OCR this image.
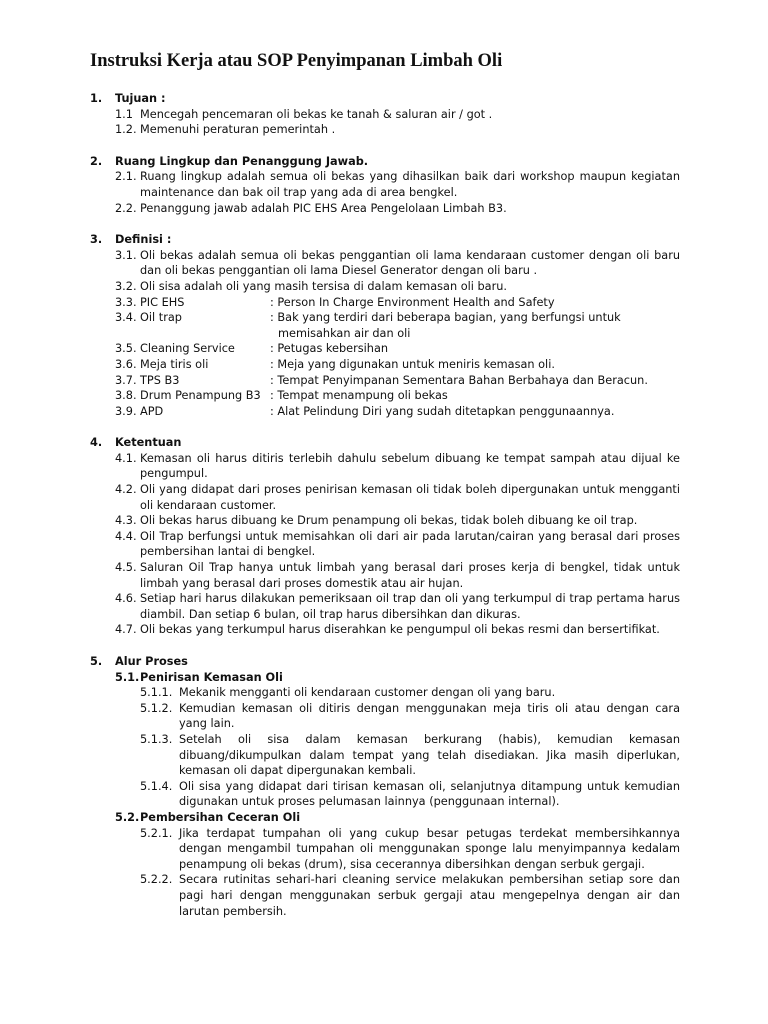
Instruksi Kerja atau SOP Penyimpanan Limbah Oli
1.	Tujuan :
1.1 Mencegah pencemaran oli bekas ke tanah & saluran air / got .
1.2. Memenuhi peraturan pemerintah .
2.	Ruang Lingkup dan Penanggung Jawab.
2.1. Ruang lingkup adalah semua oli bekas yang dihasilkan baik dari workshop maupun kegiatan maintenance dan bak oil trap yang ada di area bengkel.
2.2. Penanggung jawab adalah PIC EHS Area Pengelolaan Limbah B3.
3.	Definisi :
3.1. Oli bekas adalah semua oli bekas penggantian oli lama kendaraan customer dengan oli baru dan oli bekas penggantian oli lama Diesel Generator dengan oli baru .
3.2. Oli sisa adalah oli yang masih tersisa di dalam kemasan oli baru.
3.3. PIC EHS	: Person In Charge Environment Health and Safety
3.4. Oil trap	: Bak yang terdiri dari beberapa bagian, yang berfungsi untuk
memisahkan air dan oli
3.5. Cleaning Service	: Petugas kebersihan
3.6. Meja tiris oli	: Meja yang digunakan untuk meniris kemasan oli.
3.7. TPS B3	: Tempat Penyimpanan Sementara Bahan Berbahaya dan Beracun.
3.8. Drum Penampung B3 : Tempat menampung oli bekas
3.9. APD	: Alat Pelindung Diri yang sudah ditetapkan penggunaannya.
4.	Ketentuan
4.1. Kemasan oli harus ditiris terlebih dahulu sebelum dibuang ke tempat sampah atau dijual ke pengumpul.
4.2. Oli yang didapat dari proses penirisan kemasan oli tidak boleh dipergunakan untuk mengganti oli kendaraan customer.
4.3. Oli bekas harus dibuang ke Drum penampung oli bekas, tidak boleh dibuang ke oil trap.
4.4. Oil Trap berfungsi untuk memisahkan oli dari air pada larutan/cairan yang berasal dari proses pembersihan lantai di bengkel.
4.5. Saluran Oil Trap hanya untuk limbah yang berasal dari proses kerja di bengkel, tidak untuk limbah yang berasal dari proses domestik atau air hujan.
4.6. Setiap hari harus dilakukan pemeriksaan oil trap dan oli yang terkumpul di trap pertama harus diambil. Dan setiap 6 bulan, oil trap harus dibersihkan dan dikuras.
4.7. Oli bekas yang terkumpul harus diserahkan ke pengumpul oli bekas resmi dan bersertifikat.
5.	Alur Proses
5.1. Penirisan Kemasan Oli
5.1.1. Mekanik mengganti oli kendaraan customer dengan oli yang baru.
5.1.2. Kemudian kemasan oli ditiris dengan menggunakan meja tiris oli atau dengan cara yang lain.
5.1.3. Setelah oli sisa dalam kemasan berkurang (habis), kemudian kemasan dibuang/dikumpulkan dalam tempat yang telah disediakan. Jika masih diperlukan, kemasan oli dapat dipergunakan kembali.
5.1.4. Oli sisa yang didapat dari tirisan kemasan oli, selanjutnya ditampung untuk kemudian digunakan untuk proses pelumasan lainnya (penggunaan internal).
5.2. Pembersihan Ceceran Oli
5.2.1. Jika terdapat tumpahan oli yang cukup besar petugas terdekat membersihkannya dengan mengambil tumpahan oli menggunakan sponge lalu menyimpannya kedalam penampung oli bekas (drum), sisa cecerannya dibersihkan dengan serbuk gergaji.
5.2.2. Secara rutinitas sehari-hari cleaning service melakukan pembersihan setiap sore dan pagi hari dengan menggunakan serbuk gergaji atau mengepelnya dengan air dan larutan pembersih.
